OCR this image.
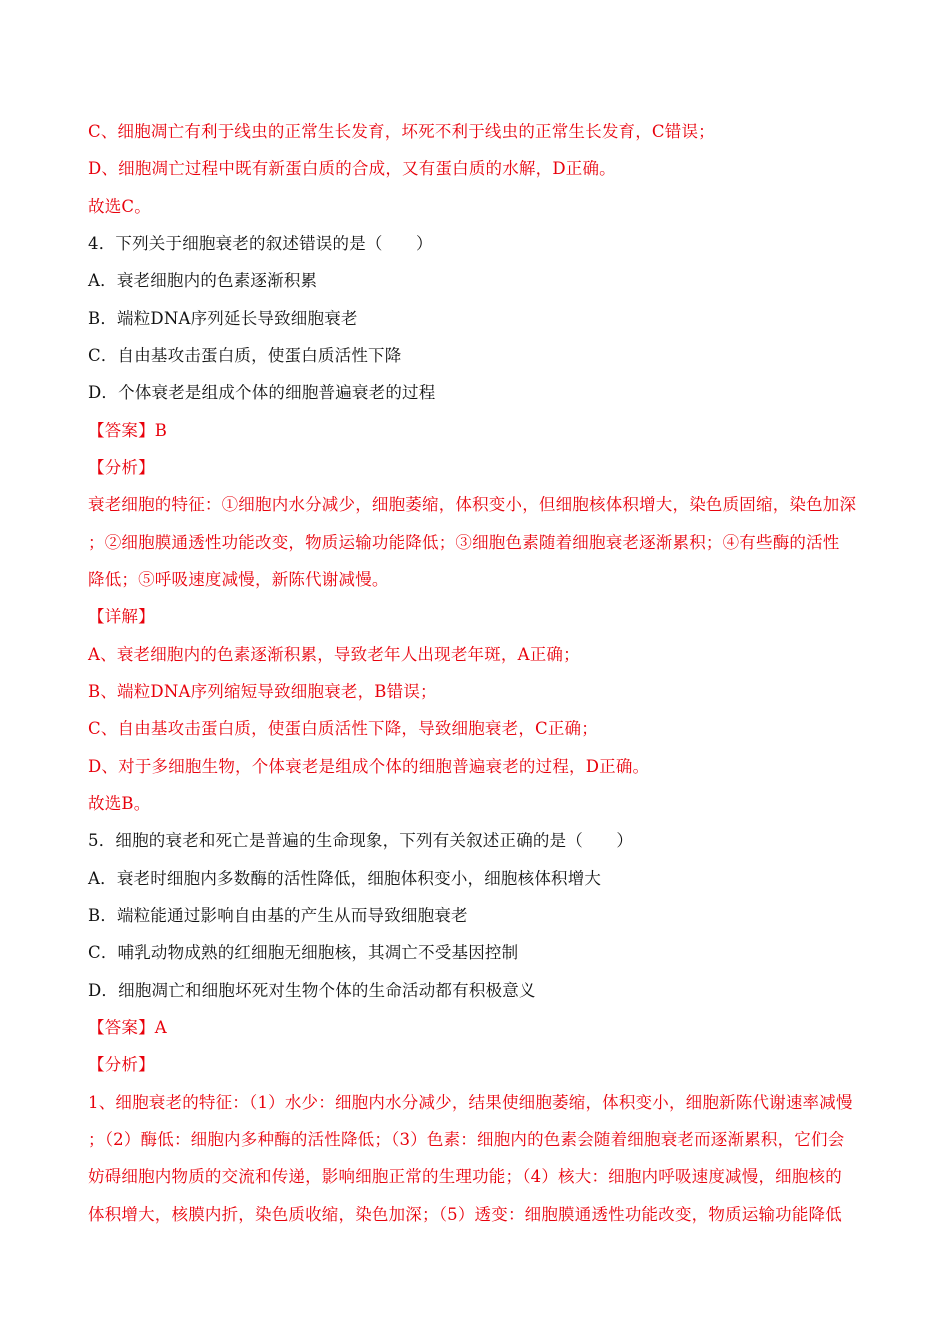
C、细胞凋亡有利于线虫的正常生长发育，坏死不利于线虫的正常生长发育，C错误；
D、细胞凋亡过程中既有新蛋白质的合成，又有蛋白质的水解，D正确。
故选C。
4．下列关于细胞衰老的叙述错误的是（　　）
A．衰老细胞内的色素逐渐积累
B．端粒DNA序列延长导致细胞衰老
C．自由基攻击蛋白质，使蛋白质活性下降
D．个体衰老是组成个体的细胞普遍衰老的过程
【答案】B
【分析】
衰老细胞的特征：①细胞内水分减少，细胞萎缩，体积变小，但细胞核体积增大，染色质固缩，染色加深
；②细胞膜通透性功能改变，物质运输功能降低；③细胞色素随着细胞衰老逐渐累积；④有些酶的活性
降低；⑤呼吸速度减慢，新陈代谢减慢。
【详解】
A、衰老细胞内的色素逐渐积累，导致老年人出现老年斑，A正确；
B、端粒DNA序列缩短导致细胞衰老，B错误；
C、自由基攻击蛋白质，使蛋白质活性下降，导致细胞衰老，C正确；
D、对于多细胞生物，个体衰老是组成个体的细胞普遍衰老的过程，D正确。
故选B。
5．细胞的衰老和死亡是普遍的生命现象，下列有关叙述正确的是（　　）
A．衰老时细胞内多数酶的活性降低，细胞体积变小，细胞核体积增大
B．端粒能通过影响自由基的产生从而导致细胞衰老
C．哺乳动物成熟的红细胞无细胞核，其凋亡不受基因控制
D．细胞凋亡和细胞坏死对生物个体的生命活动都有积极意义
【答案】A
【分析】
1、细胞衰老的特征：（1）水少：细胞内水分减少，结果使细胞萎缩，体积变小，细胞新陈代谢速率减慢
；（2）酶低：细胞内多种酶的活性降低；（3）色素：细胞内的色素会随着细胞衰老而逐渐累积，它们会
妨碍细胞内物质的交流和传递，影响细胞正常的生理功能；（4）核大：细胞内呼吸速度减慢，细胞核的
体积增大，核膜内折，染色质收缩，染色加深；（5）透变：细胞膜通透性功能改变，物质运输功能降低
